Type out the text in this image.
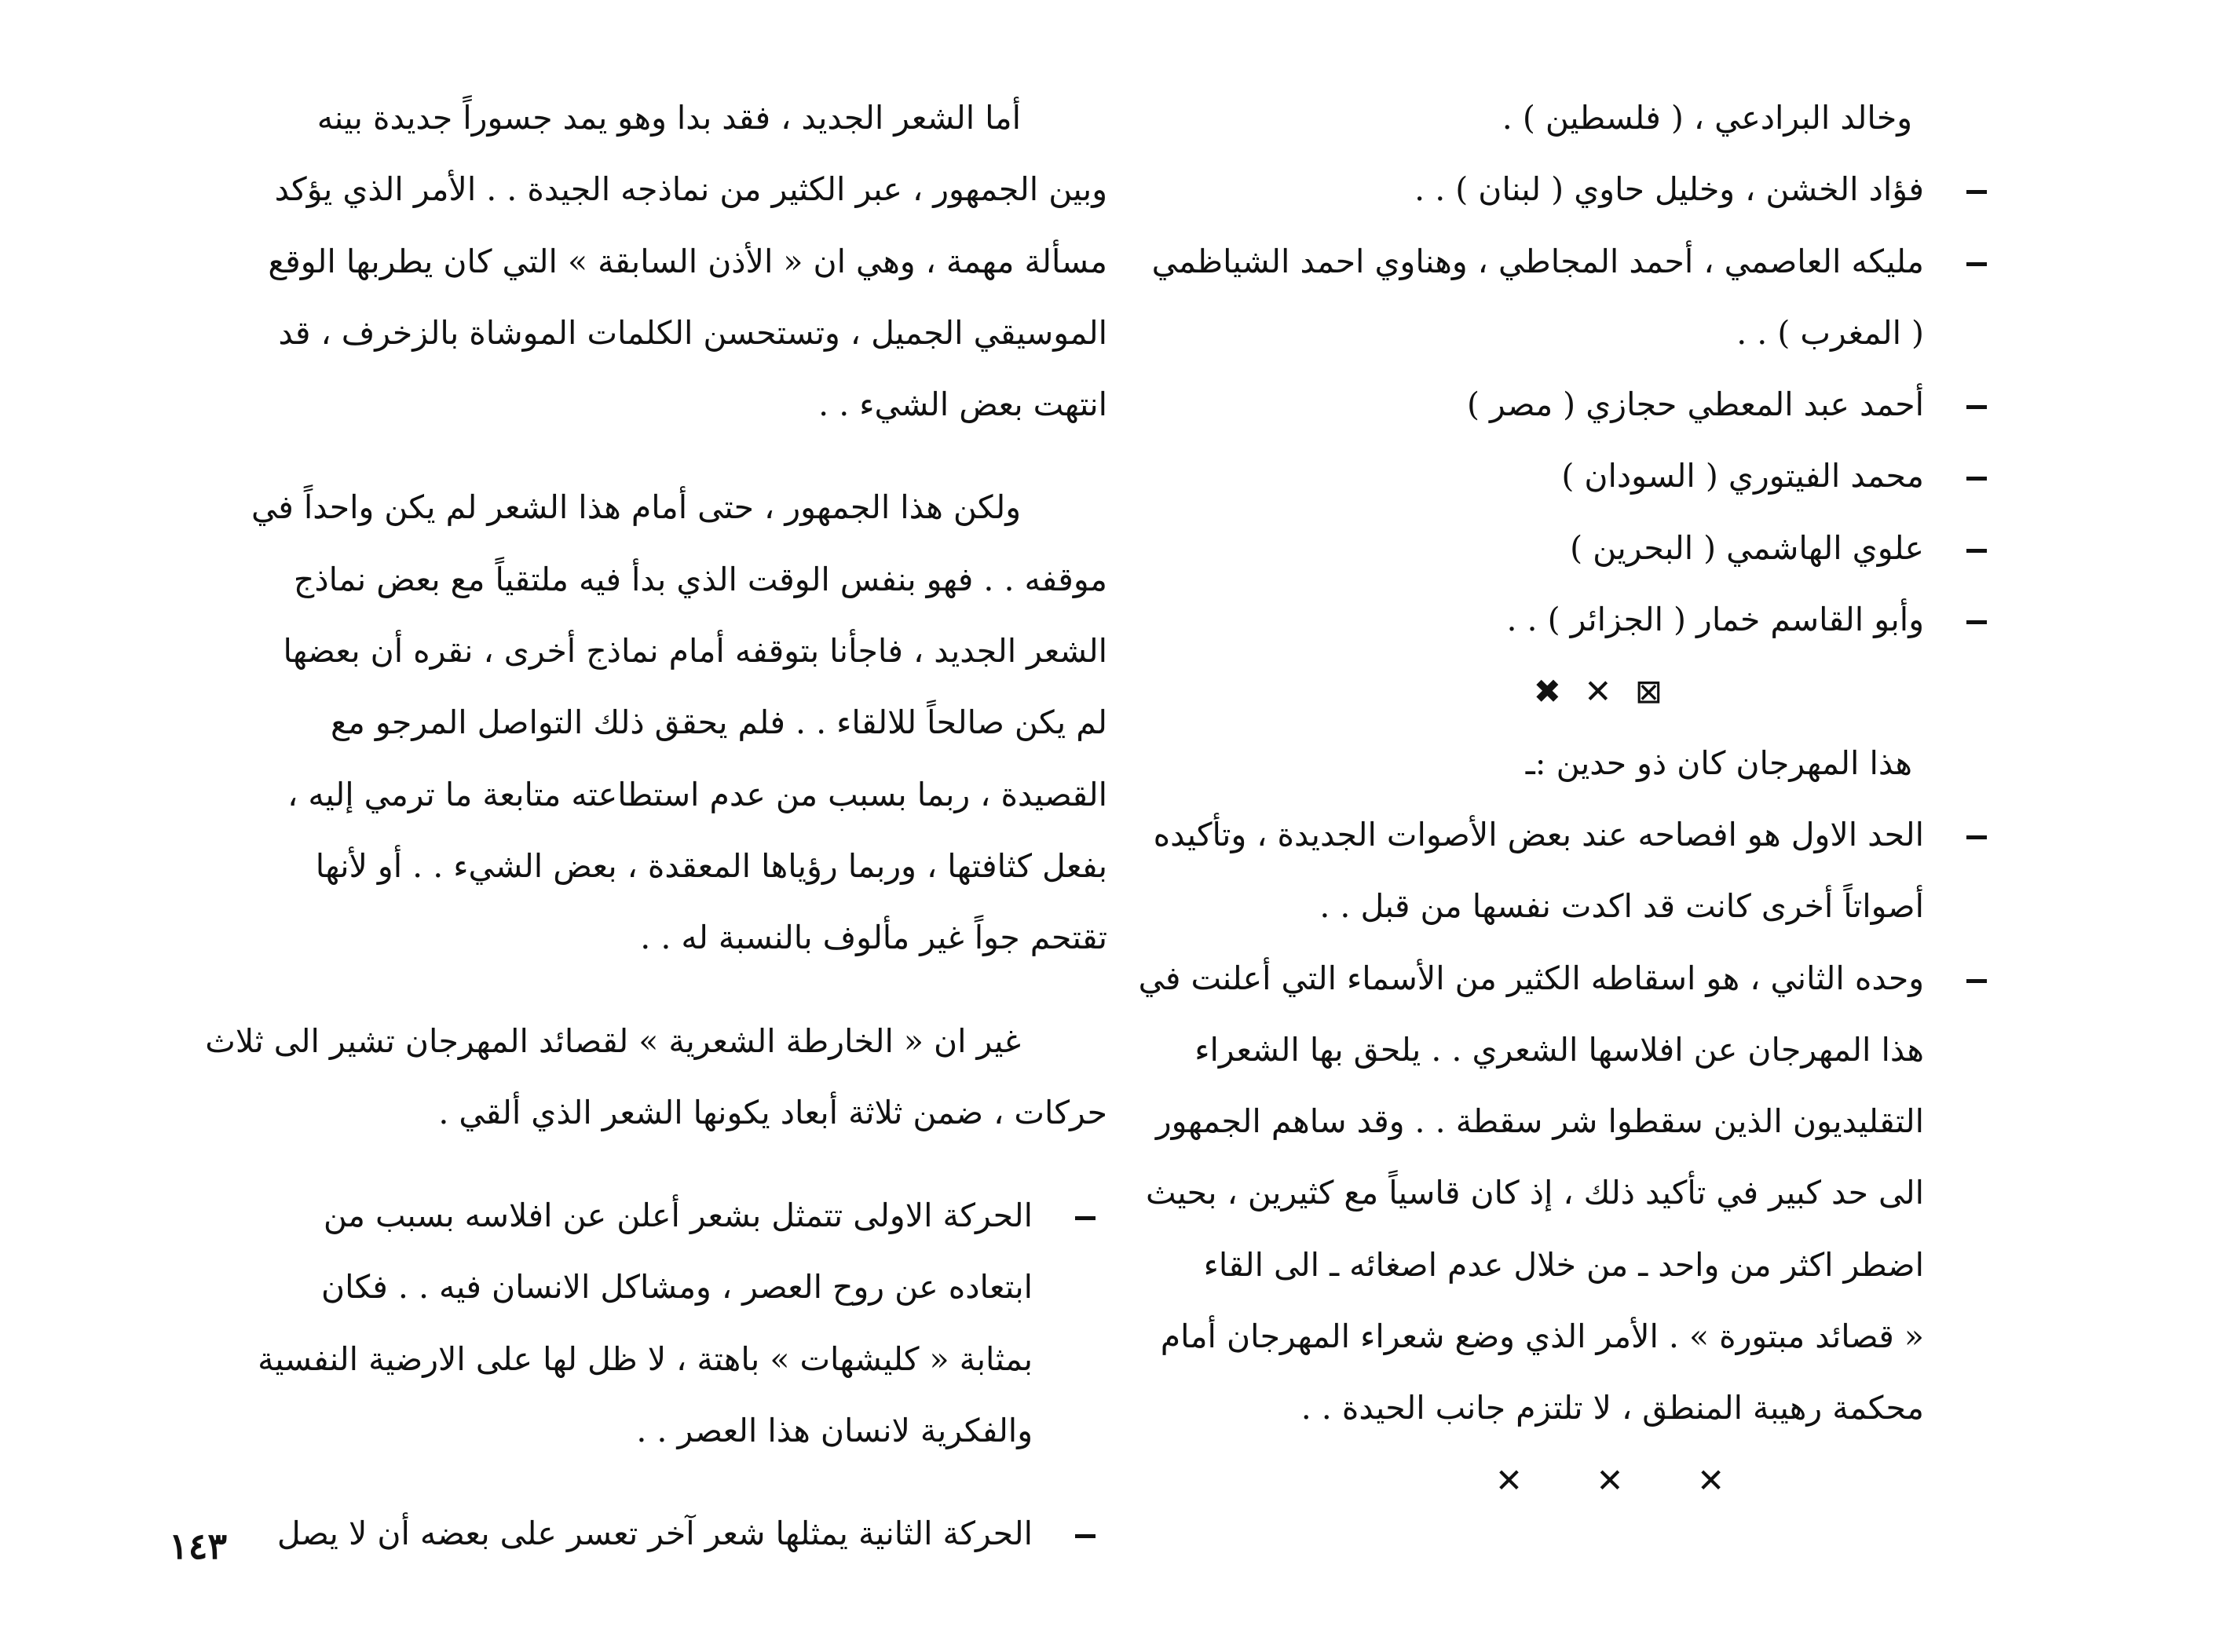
وخالد البرادعي ، ( فلسطين ) .
فؤاد الخشن ، وخليل حاوي ( لبنان ) . .
مليكه العاصمي ، أحمد المجاطي ، وهناوي احمد الشياظمي
( المغرب ) . .
أحمد عبد المعطي حجازي ( مصر )
محمد الفيتوري ( السودان )
علوي الهاشمي ( البحرين )
وأبو القاسم خمار ( الجزائر ) . .
✖ ✕ ⊠
هذا المهرجان كان ذو حدين :ـ
الحد الاول هو افصاحه عند بعض الأصوات الجديدة ، وتأكيده
أصواتاً أخرى كانت قد اكدت نفسها من قبل . .
وحده الثاني ، هو اسقاطه الكثير من الأسماء التي أعلنت في
هذا المهرجان عن افلاسها الشعري . . يلحق بها الشعراء
التقليديون الذين سقطوا شر سقطة . . وقد ساهم الجمهور
الى حد كبير في تأكيد ذلك ، إذ كان قاسياً مع كثيرين ، بحيث
اضطر اكثر من واحد ـ من خلال عدم اصغائه ـ الى القاء
« قصائد مبتورة » . الأمر الذي وضع شعراء المهرجان أمام
محكمة رهيبة المنطق ، لا تلتزم جانب الحيدة . .
✕ ✕ ✕
أما الشعر الجديد ، فقد بدا وهو يمد جسوراً جديدة بينه
وبين الجمهور ، عبر الكثير من نماذجه الجيدة . . الأمر الذي يؤكد
مسألة مهمة ، وهي ان « الأذن السابقة » التي كان يطربها الوقع
الموسيقي الجميل ، وتستحسن الكلمات الموشاة بالزخرف ، قد
انتهت بعض الشيء . .
ولكن هذا الجمهور ، حتى أمام هذا الشعر لم يكن واحداً في
موقفه . . فهو بنفس الوقت الذي بدأ فيه ملتقياً مع بعض نماذج
الشعر الجديد ، فاجأنا بتوقفه أمام نماذج أخرى ، نقره أن بعضها
لم يكن صالحاً للالقاء . . فلم يحقق ذلك التواصل المرجو مع
القصيدة ، ربما بسبب من عدم استطاعته متابعة ما ترمي إليه ،
بفعل كثافتها ، وربما رؤياها المعقدة ، بعض الشيء . . أو لأنها
تقتحم جواً غير مألوف بالنسبة له . .
غير ان « الخارطة الشعرية » لقصائد المهرجان تشير الى ثلاث
حركات ، ضمن ثلاثة أبعاد يكونها الشعر الذي ألقي .
الحركة الاولى تتمثل بشعر أعلن عن افلاسه بسبب من
ابتعاده عن روح العصر ، ومشاكل الانسان فيه . . فكان
بمثابة « كليشهات » باهتة ، لا ظل لها على الارضية النفسية
والفكرية لانسان هذا العصر . .
الحركة الثانية يمثلها شعر آخر تعسر على بعضه أن لا يصل
١٤٣
